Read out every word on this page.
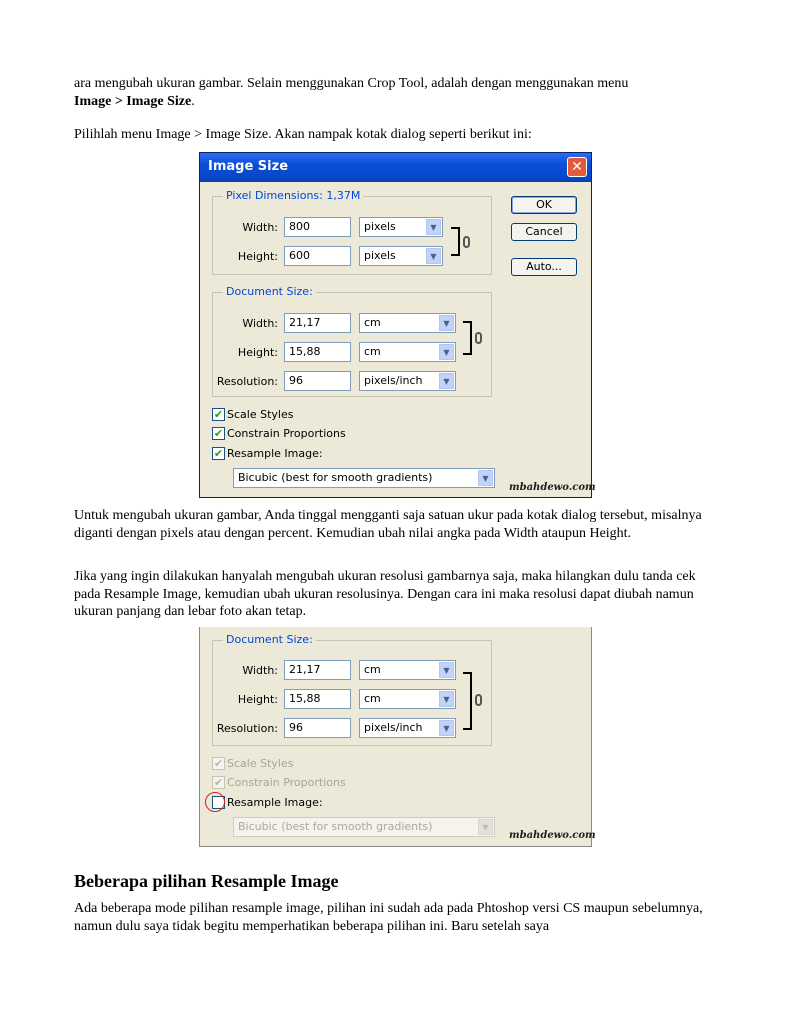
ara mengubah ukuran gambar. Selain menggunakan Crop Tool, adalah dengan menggunakan menu
Image > Image Size.
Pilihlah menu Image > Image Size. Akan nampak kotak dialog seperti berikut ini:
Image Size	✕
Pixel Dimensions: 1,37M
Width:	800	pixels	▼
Height:	600	pixels	▼
OK
Cancel
Auto...
Document Size:
Width:	21,17	cm	▼
Height:	15,88	cm	▼
Resolution:	96	pixels/inch	▼
✔ Scale Styles
✔ Constrain Proportions
✔ Resample Image:
Bicubic (best for smooth gradients)	▼
mbahdewo.com
Untuk mengubah ukuran gambar, Anda tinggal mengganti saja satuan ukur pada kotak dialog tersebut, misalnya diganti dengan pixels atau dengan percent. Kemudian ubah nilai angka pada Width ataupun Height.
Jika yang ingin dilakukan hanyalah mengubah ukuran resolusi gambarnya saja, maka hilangkan dulu tanda cek pada Resample Image, kemudian ubah ukuran resolusinya. Dengan cara ini maka resolusi dapat diubah namun ukuran panjang dan lebar foto akan tetap.
Document Size:
Width:	21,17	cm	▼
Height:	15,88	cm	▼
Resolution:	96	pixels/inch	▼
✔ Scale Styles
✔ Constrain Proportions
Resample Image:
Bicubic (best for smooth gradients)	▼
mbahdewo.com
Beberapa pilihan Resample Image
Ada beberapa mode pilihan resample image, pilihan ini sudah ada pada Phtoshop versi CS maupun sebelumnya, namun dulu saya tidak begitu memperhatikan beberapa pilihan ini. Baru setelah saya
